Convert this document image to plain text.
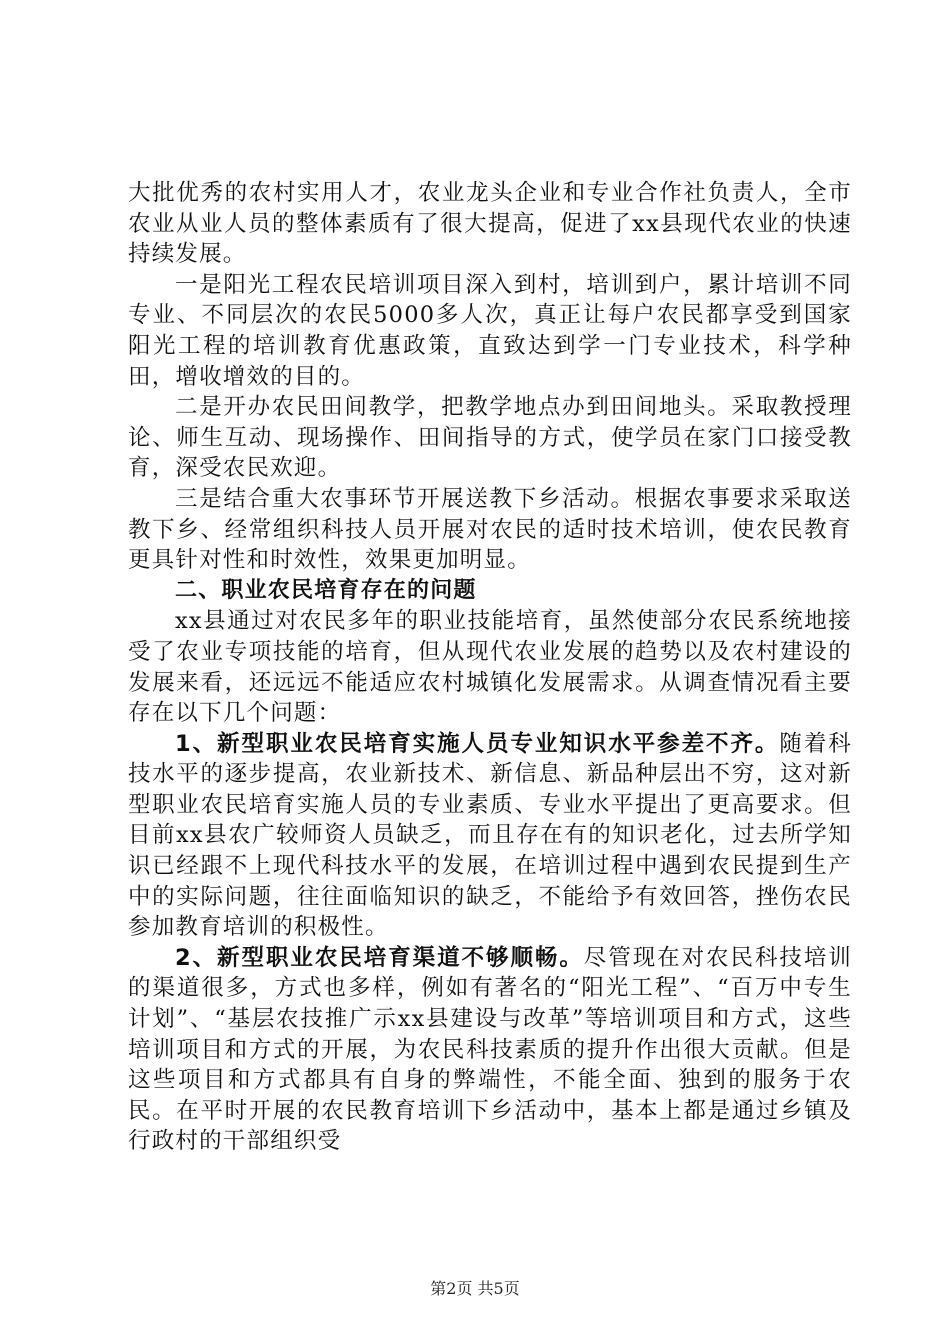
大批优秀的农村实用人才，农业龙头企业和专业合作社负责人，全市农业从业人员的整体素质有了很大提高，促进了xx县现代农业的快速持续发展。

一是阳光工程农民培训项目深入到村，培训到户，累计培训不同专业、不同层次的农民5000多人次，真正让每户农民都享受到国家阳光工程的培训教育优惠政策，直致达到学一门专业技术，科学种田，增收增效的目的。

二是开办农民田间教学，把教学地点办到田间地头。采取教授理论、师生互动、现场操作、田间指导的方式，使学员在家门口接受教育，深受农民欢迎。

三是结合重大农事环节开展送教下乡活动。根据农事要求采取送教下乡、经常组织科技人员开展对农民的适时技术培训，使农民教育更具针对性和时效性，效果更加明显。

二、职业农民培育存在的问题

xx县通过对农民多年的职业技能培育，虽然使部分农民系统地接受了农业专项技能的培育，但从现代农业发展的趋势以及农村建设的发展来看，还远远不能适应农村城镇化发展需求。从调查情况看主要存在以下几个问题：

1、新型职业农民培育实施人员专业知识水平参差不齐。随着科技水平的逐步提高，农业新技术、新信息、新品种层出不穷，这对新型职业农民培育实施人员的专业素质、专业水平提出了更高要求。但目前xx县农广较师资人员缺乏，而且存在有的知识老化，过去所学知识已经跟不上现代科技水平的发展，在培训过程中遇到农民提到生产中的实际问题，往往面临知识的缺乏，不能给予有效回答，挫伤农民参加教育培训的积极性。

2、新型职业农民培育渠道不够顺畅。尽管现在对农民科技培训的渠道很多，方式也多样，例如有著名的“阳光工程”、“百万中专生计划”、“基层农技推广示xx县建设与改革”等培训项目和方式，这些培训项目和方式的开展，为农民科技素质的提升作出很大贡献。但是这些项目和方式都具有自身的弊端性，不能全面、独到的服务于农民。在平时开展的农民教育培训下乡活动中，基本上都是通过乡镇及行政村的干部组织受

第2页 共5页
